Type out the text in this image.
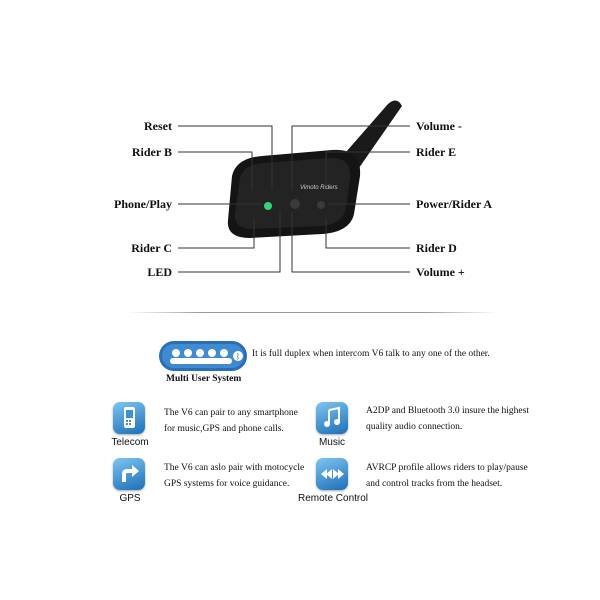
Vimoto Riders
Reset
Rider B
Phone/Play
Rider C
LED
Volume -
Rider E
Power/Rider A
Rider D
Volume +
ᛒ It is full duplex when intercom V6 talk to any one of the other.
Multi User System
ᛒ
Telecom
The V6 can pair to any smartphone
for music,GPS and phone calls.	ᛒ
Music
A2DP and Bluetooth 3.0 insure the highest
quality audio connection.
ᛒ
GPS
The V6 can aslo pair with motocycle
GPS systems for voice guidance.	ᛒ
Remote Control
AVRCP profile allows riders to play/pause
and control tracks from the headset.
